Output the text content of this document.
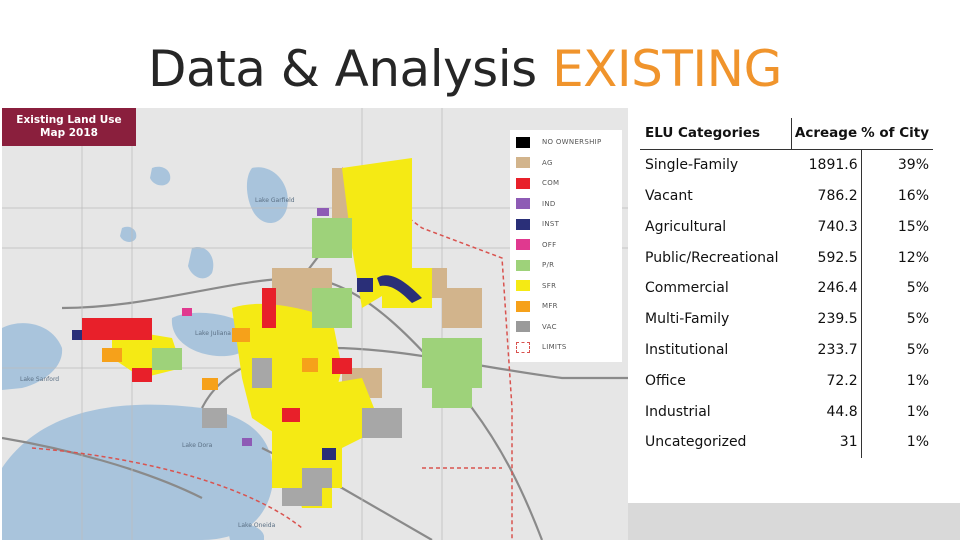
Data & Analysis EXISTING
Lake Garfield
Lake Juliana
Lake Sanford
Lake Dora
Lake Oneida
Existing Land Use
Map 2018
NO OWNERSHIP
AG
COM
IND
INST
OFF
P/R
SFR
MFR
VAC
LIMITS
ELU Categories	Acreage	% of City
Single-Family	1891.6	39%
Vacant	786.2	16%
Agricultural	740.3	15%
Public/Recreational	592.5	12%
Commercial	246.4	5%
Multi-Family	239.5	5%
Institutional	233.7	5%
Office	72.2	1%
Industrial	44.8	1%
Uncategorized	31	1%
